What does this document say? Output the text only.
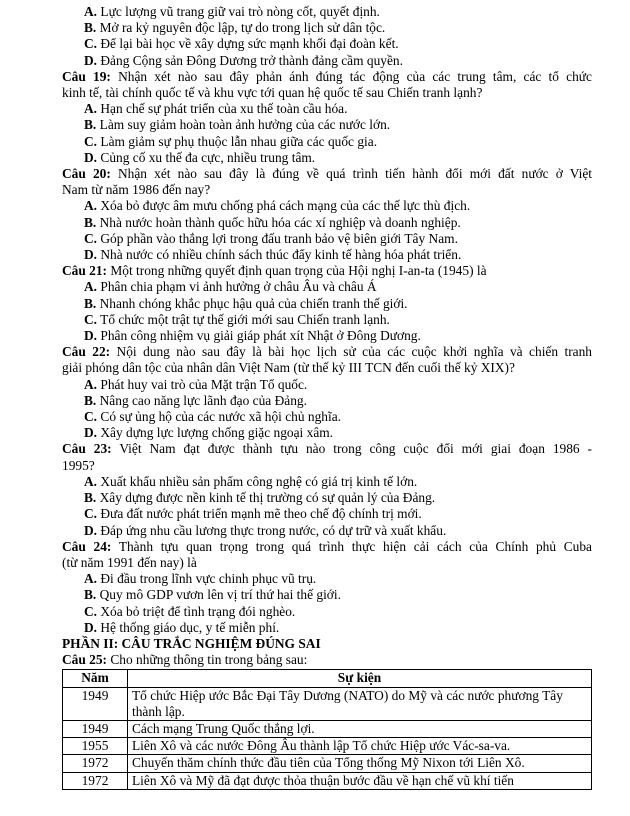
A. Lực lượng vũ trang giữ vai trò nòng cốt, quyết định.
B. Mở ra kỷ nguyên độc lập, tự do trong lịch sử dân tộc.
C. Để lại bài học về xây dựng sức mạnh khối đại đoàn kết.
D. Đảng Cộng sản Đông Dương trở thành đảng cầm quyền.
Câu 19: Nhận xét nào sau đây phản ánh đúng tác động của các trung tâm, các tổ chức
kinh tế, tài chính quốc tế và khu vực tới quan hệ quốc tế sau Chiến tranh lạnh?
A. Hạn chế sự phát triển của xu thế toàn cầu hóa.
B. Làm suy giảm hoàn toàn ảnh hưởng của các nước lớn.
C. Làm giảm sự phụ thuộc lẫn nhau giữa các quốc gia.
D. Củng cố xu thế đa cực, nhiều trung tâm.
Câu 20: Nhận xét nào sau đây là đúng về quá trình tiến hành đổi mới đất nước ở Việt
Nam từ năm 1986 đến nay?
A. Xóa bỏ được âm mưu chống phá cách mạng của các thế lực thù địch.
B. Nhà nước hoàn thành quốc hữu hóa các xí nghiệp và doanh nghiệp.
C. Góp phần vào thắng lợi trong đấu tranh bảo vệ biên giới Tây Nam.
D. Nhà nước có nhiều chính sách thúc đẩy kinh tế hàng hóa phát triển.
Câu 21: Một trong những quyết định quan trọng của Hội nghị I-an-ta (1945) là
A. Phân chia phạm vi ảnh hưởng ở châu Âu và châu Á
B. Nhanh chóng khắc phục hậu quả của chiến tranh thế giới.
C. Tổ chức một trật tự thế giới mới sau Chiến tranh lạnh.
D. Phân công nhiệm vụ giải giáp phát xít Nhật ở Đông Dương.
Câu 22: Nội dung nào sau đây là bài học lịch sử của các cuộc khởi nghĩa và chiến tranh
giải phóng dân tộc của nhân dân Việt Nam (từ thế kỷ III TCN đến cuối thế kỷ XIX)?
A. Phát huy vai trò của Mặt trận Tổ quốc.
B. Nâng cao năng lực lãnh đạo của Đảng.
C. Có sự ủng hộ của các nước xã hội chủ nghĩa.
D. Xây dựng lực lượng chống giặc ngoại xâm.
Câu 23: Việt Nam đạt được thành tựu nào trong công cuộc đổi mới giai đoạn 1986 -
1995?
A. Xuất khẩu nhiều sản phẩm công nghệ có giá trị kinh tế lớn.
B. Xây dựng được nền kinh tế thị trường có sự quản lý của Đảng.
C. Đưa đất nước phát triển mạnh mẽ theo chế độ chính trị mới.
D. Đáp ứng nhu cầu lương thực trong nước, có dự trữ và xuất khẩu.
Câu 24: Thành tựu quan trọng trong quá trình thực hiện cải cách của Chính phủ Cuba
(từ năm 1991 đến nay) là
A. Đi đầu trong lĩnh vực chinh phục vũ trụ.
B. Quy mô GDP vươn lên vị trí thứ hai thế giới.
C. Xóa bỏ triệt để tình trạng đói nghèo.
D. Hệ thống giáo dục, y tế miễn phí.
PHẦN II: CÂU TRẮC NGHIỆM ĐÚNG SAI
Câu 25: Cho những thông tin trong bảng sau:
Năm	Sự kiện
1949	Tổ chức Hiệp ước Bắc Đại Tây Dương (NATO) do Mỹ và các nước phương Tây thành lập.
1949	Cách mạng Trung Quốc thắng lợi.
1955	Liên Xô và các nước Đông Âu thành lập Tổ chức Hiệp ước Vác-sa-va.
1972	Chuyến thăm chính thức đầu tiên của Tổng thống Mỹ Nixon tới Liên Xô.
1972	Liên Xô và Mỹ đã đạt được thỏa thuận bước đầu về hạn chế vũ khí tiến
